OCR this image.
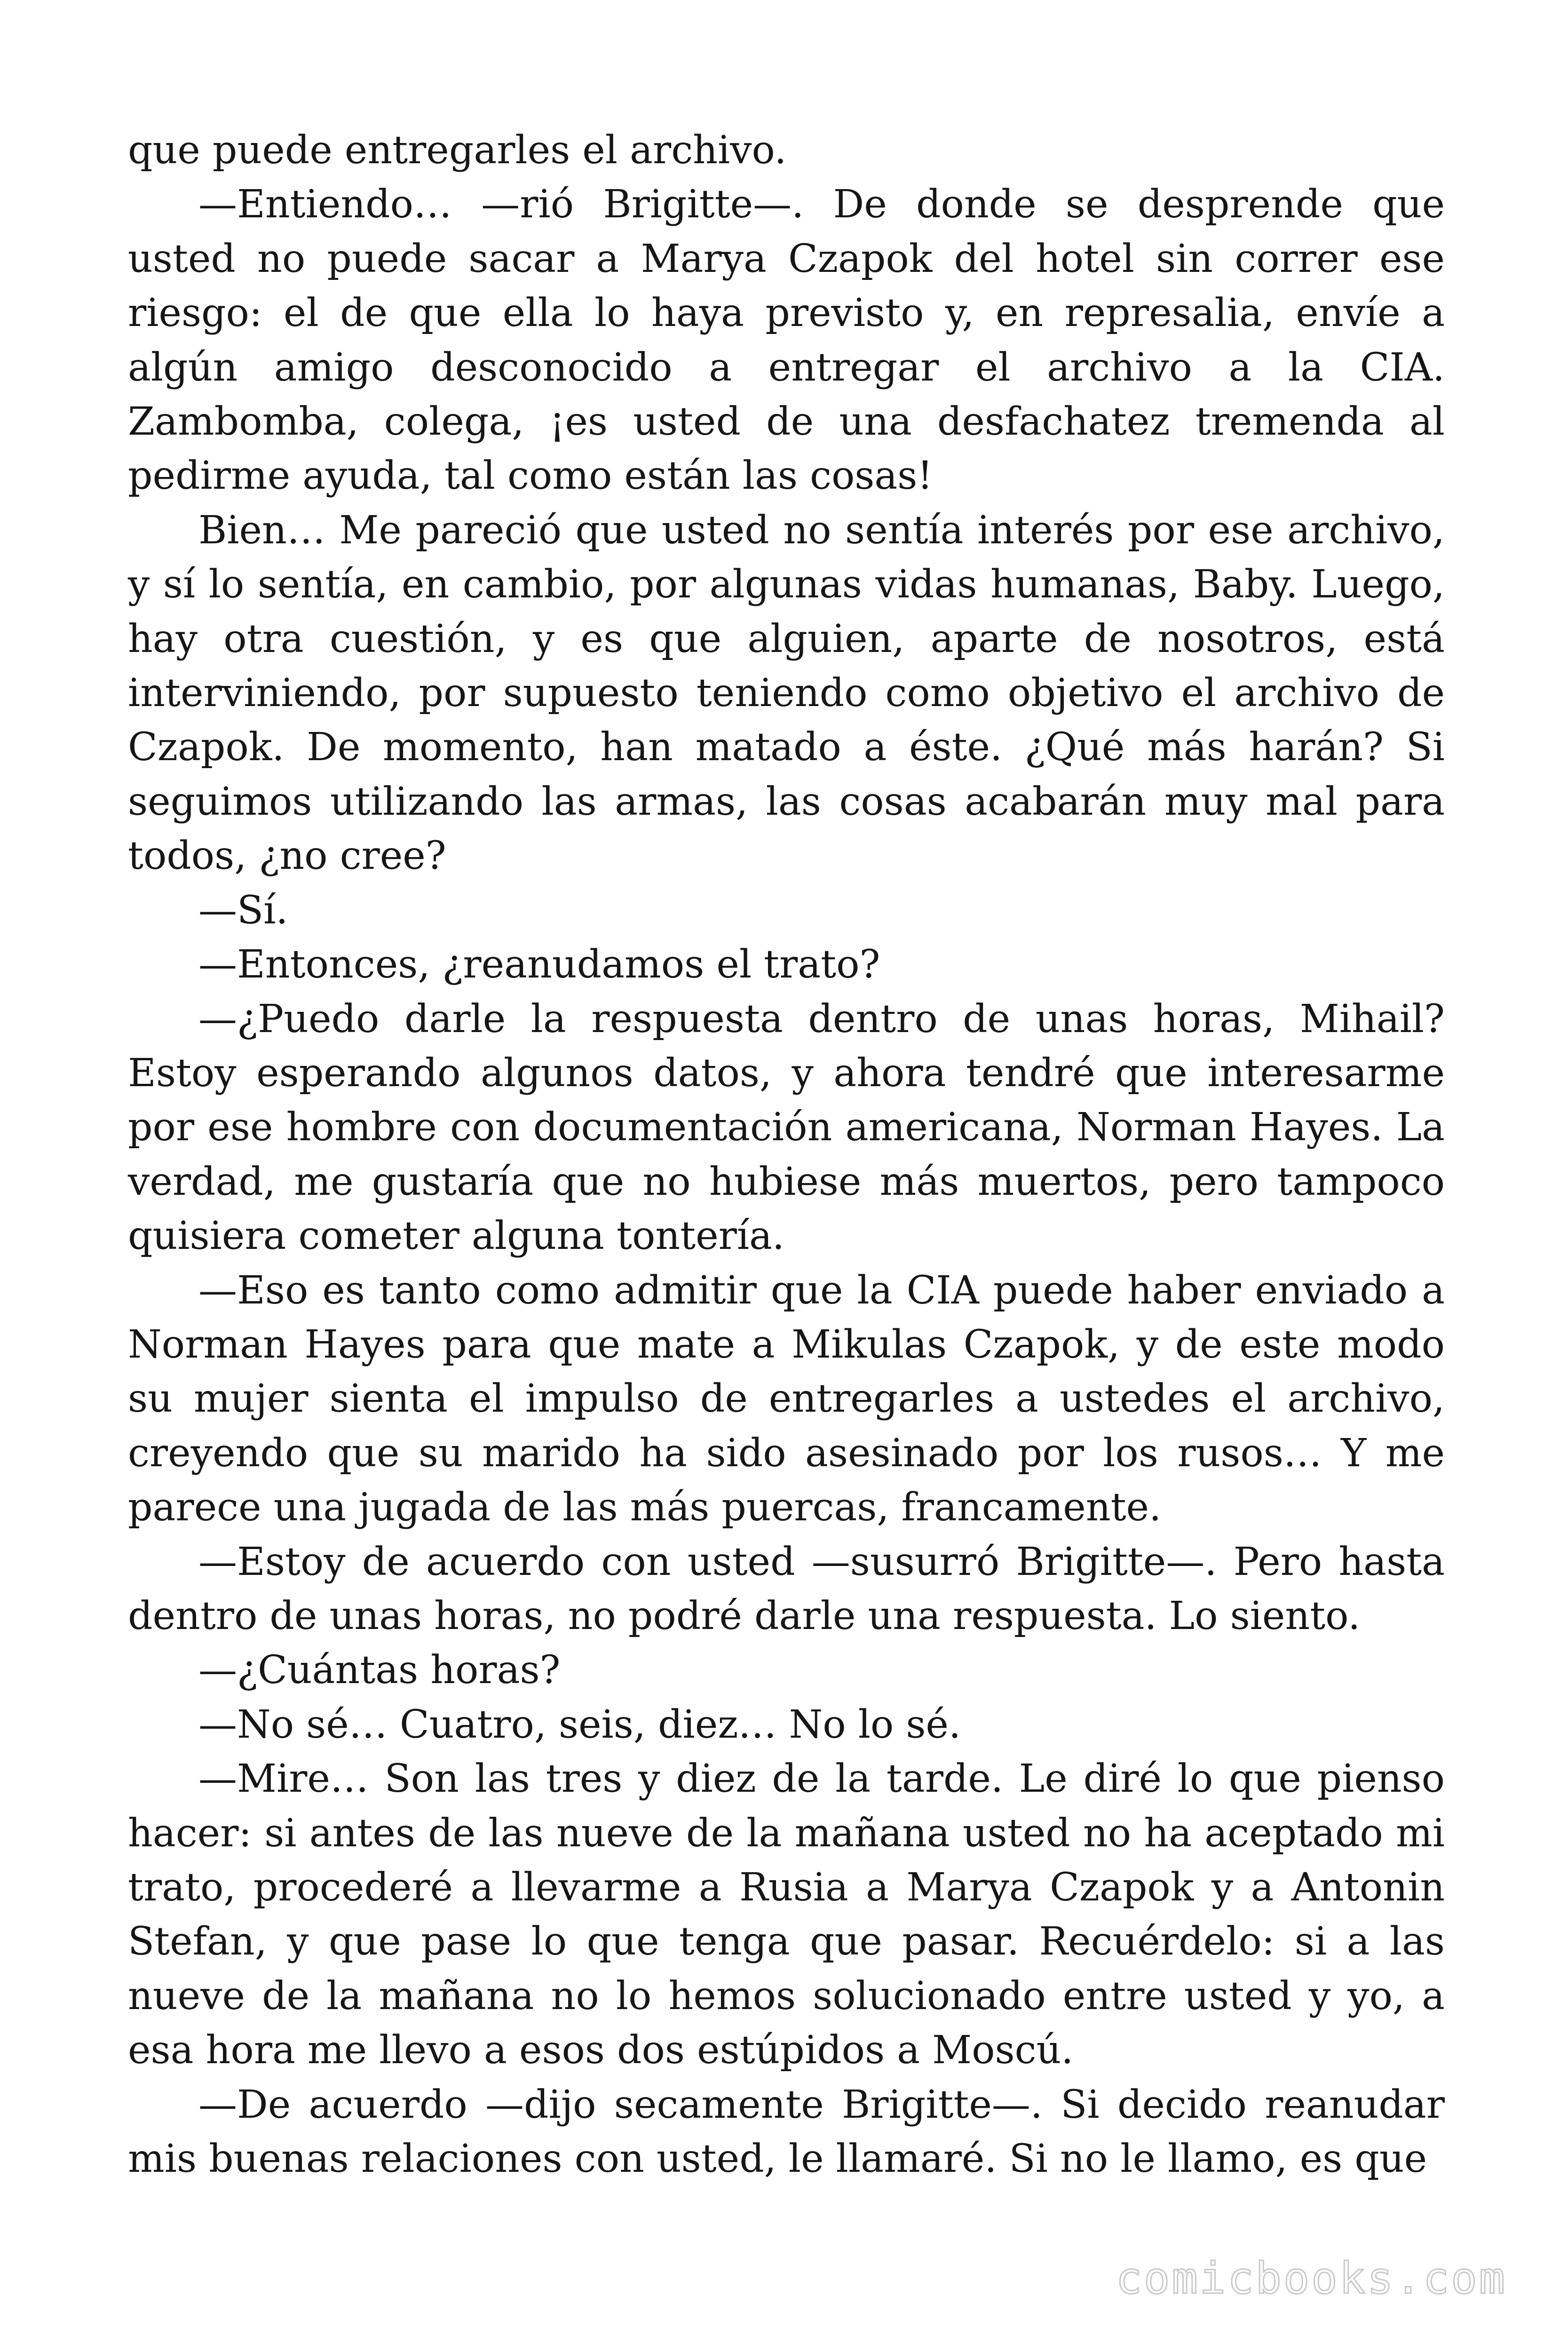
que puede entregarles el archivo.

—Entiendo… —rió Brigitte—. De donde se desprende que usted no puede sacar a Marya Czapok del hotel sin correr ese riesgo: el de que ella lo haya previsto y, en represalia, envíe a algún amigo desconocido a entregar el archivo a la CIA. Zambomba, colega, ¡es usted de una desfachatez tremenda al pedirme ayuda, tal como están las cosas!

Bien… Me pareció que usted no sentía interés por ese archivo, y sí lo sentía, en cambio, por algunas vidas humanas, Baby. Luego, hay otra cuestión, y es que alguien, aparte de nosotros, está interviniendo, por supuesto teniendo como objetivo el archivo de Czapok. De momento, han matado a éste. ¿Qué más harán? Si seguimos utilizando las armas, las cosas acabarán muy mal para todos, ¿no cree?

—Sí.

—Entonces, ¿reanudamos el trato?

—¿Puedo darle la respuesta dentro de unas horas, Mihail? Estoy esperando algunos datos, y ahora tendré que interesarme por ese hombre con documentación americana, Norman Hayes. La verdad, me gustaría que no hubiese más muertos, pero tampoco quisiera cometer alguna tontería.

—Eso es tanto como admitir que la CIA puede haber enviado a Norman Hayes para que mate a Mikulas Czapok, y de este modo su mujer sienta el impulso de entregarles a ustedes el archivo, creyendo que su marido ha sido asesinado por los rusos… Y me parece una jugada de las más puercas, francamente.

—Estoy de acuerdo con usted —susurró Brigitte—. Pero hasta dentro de unas horas, no podré darle una respuesta. Lo siento.

—¿Cuántas horas?

—No sé… Cuatro, seis, diez… No lo sé.

—Mire… Son las tres y diez de la tarde. Le diré lo que pienso hacer: si antes de las nueve de la mañana usted no ha aceptado mi trato, procederé a llevarme a Rusia a Marya Czapok y a Antonin Stefan, y que pase lo que tenga que pasar. Recuérdelo: si a las nueve de la mañana no lo hemos solucionado entre usted y yo, a esa hora me llevo a esos dos estúpidos a Moscú.

—De acuerdo —dijo secamente Brigitte—. Si decido reanudar mis buenas relaciones con usted, le llamaré. Si no le llamo, es que

comicbooks.com
